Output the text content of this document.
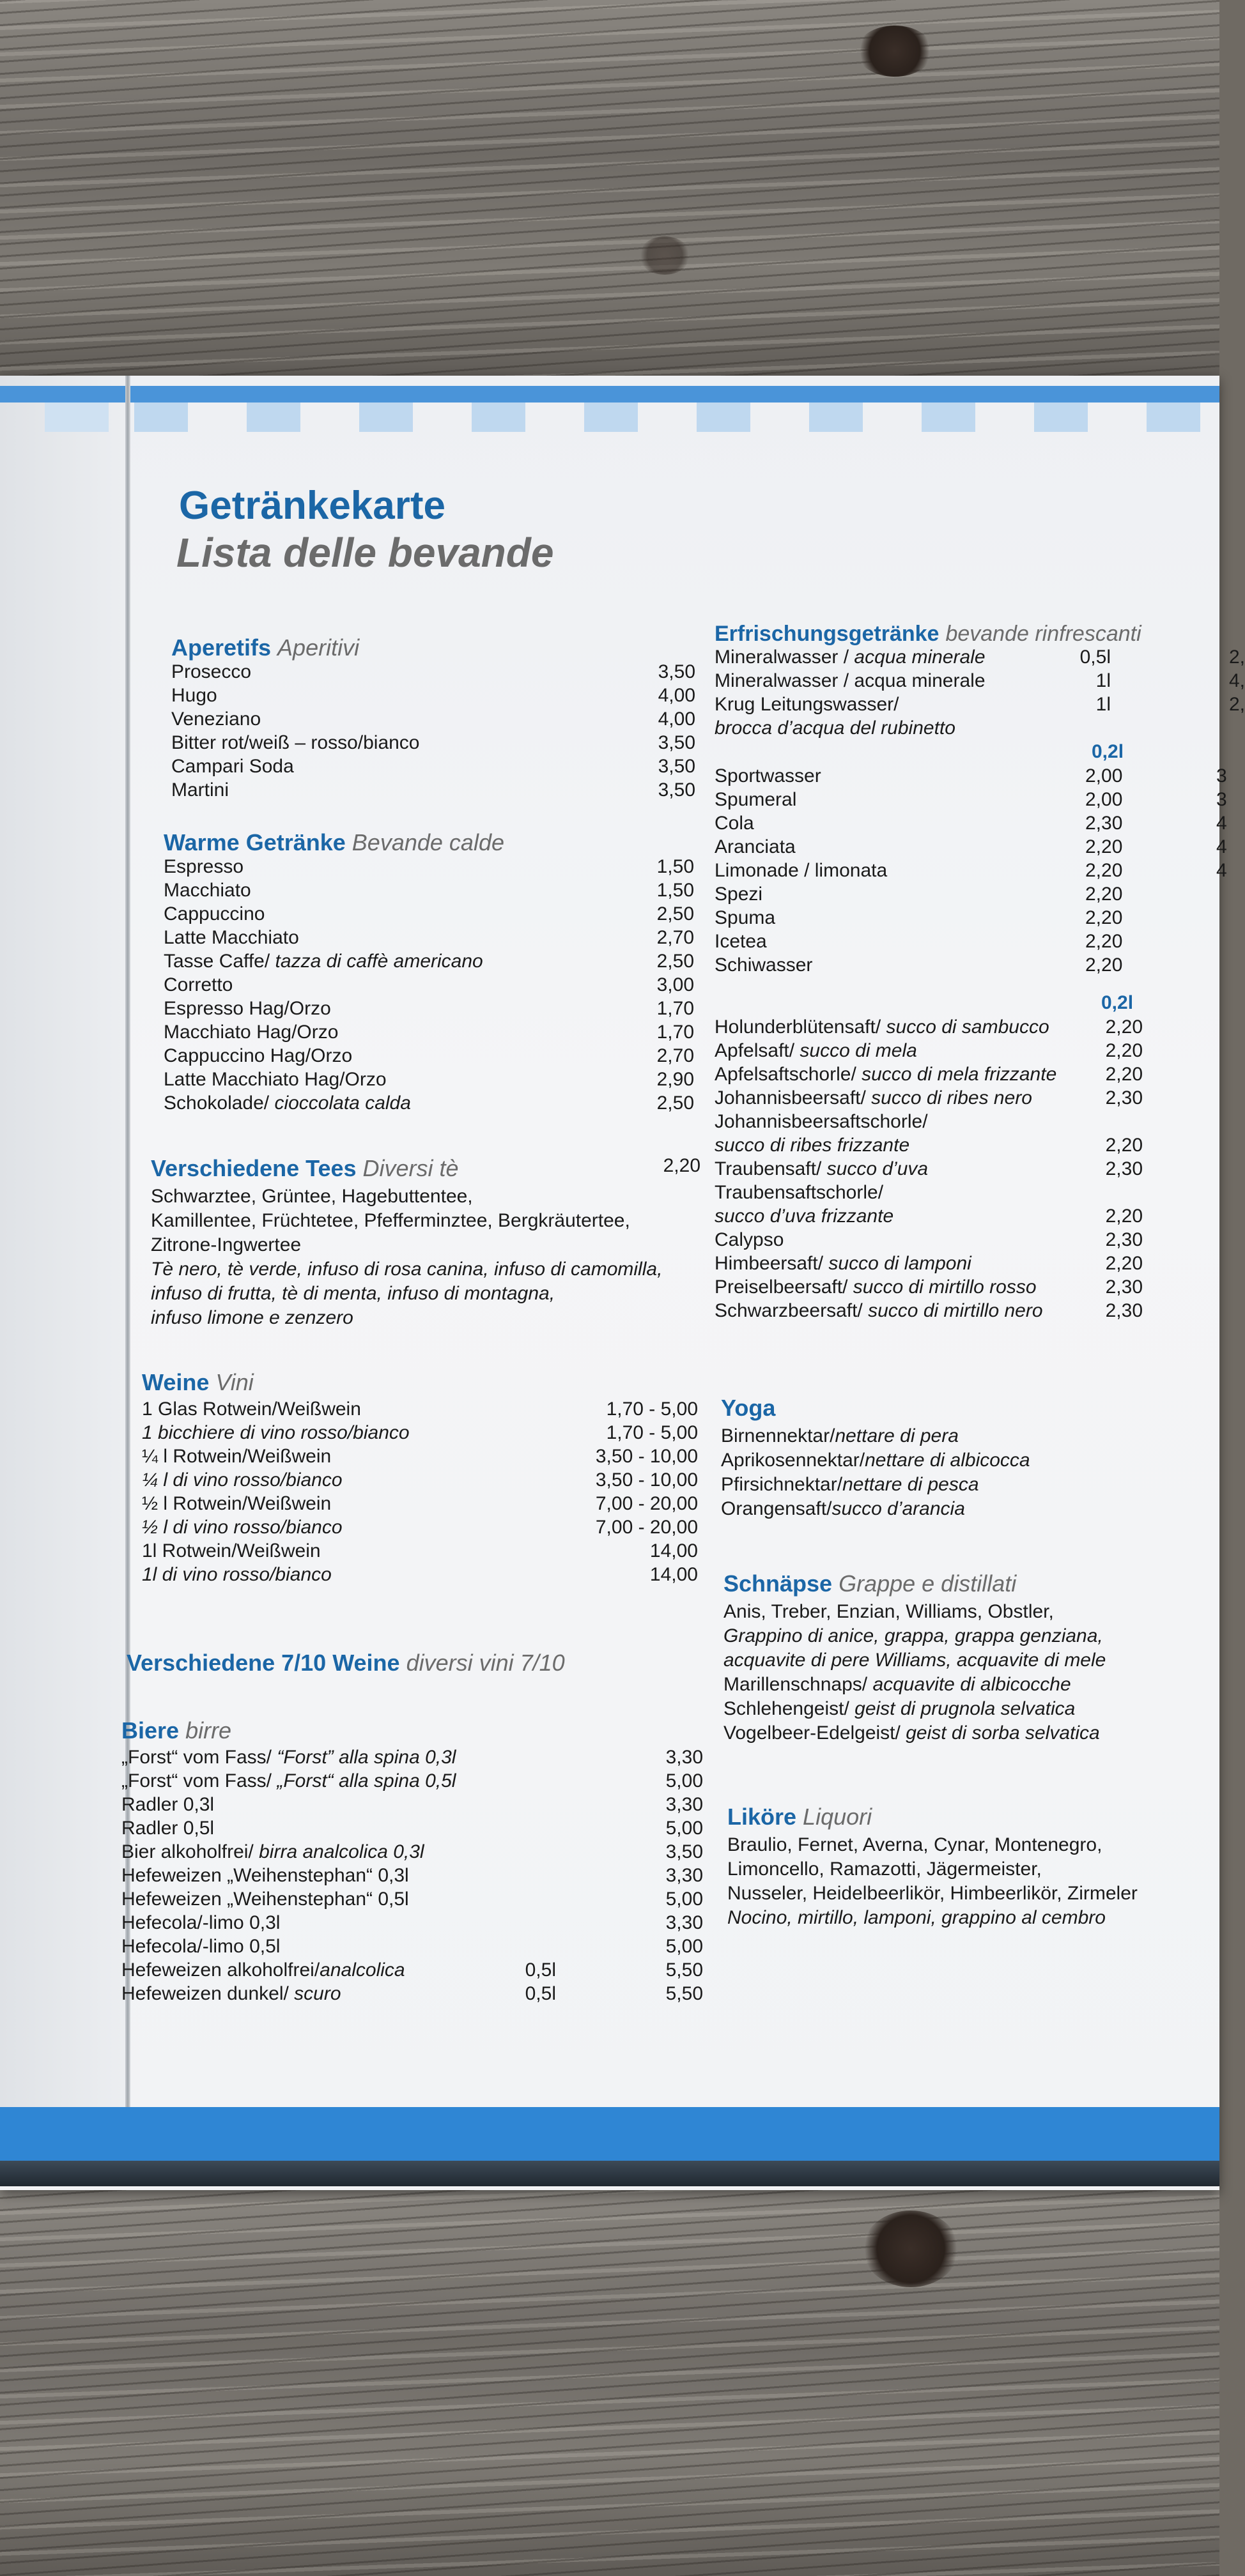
Getränkekarte
Lista delle bevande
Aperetifs Aperitivi
Prosecco	3,50
Hugo	4,00
Veneziano	4,00
Bitter rot/weiß – rosso/bianco	3,50
Campari Soda	3,50
Martini	3,50
Warme Getränke Bevande calde
Espresso	1,50
Macchiato	1,50
Cappuccino	2,50
Latte Macchiato	2,70
Tasse Caffe/ tazza di caffè americano	2,50
Corretto	3,00
Espresso Hag/Orzo	1,70
Macchiato Hag/Orzo	1,70
Cappuccino Hag/Orzo	2,70
Latte Macchiato Hag/Orzo	2,90
Schokolade/ cioccolata calda	2,50
Verschiedene Tees Diversi tè	2,20
Schwarztee, Grüntee, Hagebuttentee,
Kamillentee, Früchtetee, Pfefferminztee, Bergkräutertee,
Zitrone-Ingwertee
Tè nero, tè verde, infuso di rosa canina, infuso di camomilla,
infuso di frutta, tè di menta, infuso di montagna,
infuso limone e zenzero
Weine Vini
1 Glas Rotwein/Weißwein	1,70 - 5,00
1 bicchiere di vino rosso/bianco	1,70 - 5,00
¼ l Rotwein/Weißwein	3,50 - 10,00
¼ l di vino rosso/bianco	3,50 - 10,00
½ l Rotwein/Weißwein	7,00 - 20,00
½ l di vino rosso/bianco	7,00 - 20,00
1l Rotwein/Weißwein	14,00
1l di vino rosso/bianco	14,00
Verschiedene 7/10 Weine diversi vini 7/10
Biere birre
„Forst“ vom Fass/ “Forst” alla spina 0,3l	3,30
„Forst“ vom Fass/ „Forst“ alla spina 0,5l	5,00
Radler 0,3l	3,30
Radler 0,5l	5,00
Bier alkoholfrei/ birra analcolica 0,3l	3,50
Hefeweizen „Weihenstephan“ 0,3l	3,30
Hefeweizen „Weihenstephan“ 0,5l	5,00
Hefecola/-limo 0,3l	3,30
Hefecola/-limo 0,5l	5,00
Hefeweizen alkoholfrei/analcolica	0,5l	5,50
Hefeweizen dunkel/ scuro	0,5l	5,50
Erfrischungsgetränke bevande rinfrescanti
Mineralwasser / acqua minerale	0,5l	2,
Mineralwasser / acqua minerale	1l	4,
Krug Leitungswasser/	1l	2,
brocca d’acqua del rubinetto
0,2l
Sportwasser	2,00	3
Spumeral	2,00	3
Cola	2,30	4
Aranciata	2,20	4
Limonade / limonata	2,20	4
Spezi	2,20
Spuma	2,20
Icetea	2,20
Schiwasser	2,20
0,2l
Holunderblütensaft/ succo di sambucco	2,20
Apfelsaft/ succo di mela	2,20
Apfelsaftschorle/ succo di mela frizzante	2,20
Johannisbeersaft/ succo di ribes nero	2,30
Johannisbeersaftschorle/
succo di ribes frizzante	2,20
Traubensaft/ succo d’uva	2,30
Traubensaftschorle/
succo d’uva frizzante	2,20
Calypso	2,30
Himbeersaft/ succo di lamponi	2,20
Preiselbeersaft/ succo di mirtillo rosso	2,30
Schwarzbeersaft/ succo di mirtillo nero	2,30
Yoga
Birnennektar/nettare di pera
Aprikosennektar/nettare di albicocca
Pfirsichnektar/nettare di pesca
Orangensaft/succo d’arancia
Schnäpse Grappe e distillati
Anis, Treber, Enzian, Williams, Obstler,
Grappino di anice, grappa, grappa genziana,
acquavite di pere Williams, acquavite di mele
Marillenschnaps/ acquavite di albicocche
Schlehengeist/ geist di prugnola selvatica
Vogelbeer-Edelgeist/ geist di sorba selvatica
Liköre Liquori
Braulio, Fernet, Averna, Cynar, Montenegro,
Limoncello, Ramazotti, Jägermeister,
Nusseler, Heidelbeerlikör, Himbeerlikör, Zirmeler
Nocino, mirtillo, lamponi, grappino al cembro
